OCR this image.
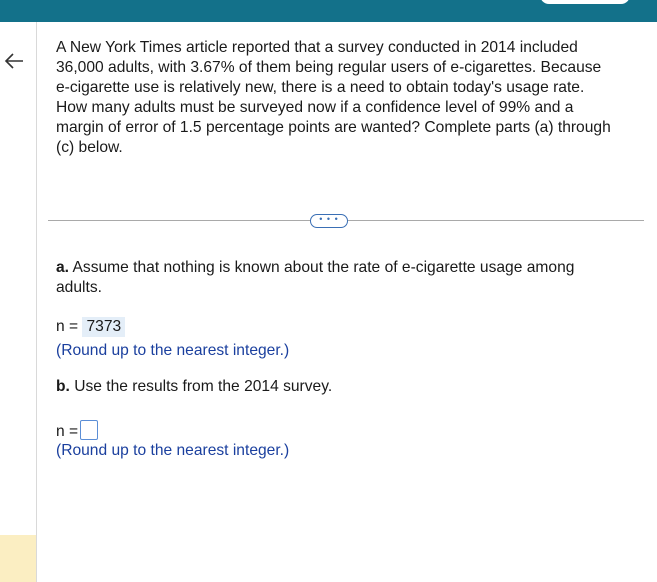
A New York Times article reported that a survey conducted in 2014 included
36,000 adults, with 3.67% of them being regular users of e-cigarettes. Because
e-cigarette use is relatively new, there is a need to obtain today's usage rate.
How many adults must be surveyed now if a confidence level of 99% and a
margin of error of 1.5 percentage points are wanted? Complete parts (a) through
(c) below.
• • •
a. Assume that nothing is known about the rate of e-cigarette usage among
adults.
n = 7373
(Round up to the nearest integer.)
b. Use the results from the 2014 survey.
n =
(Round up to the nearest integer.)
